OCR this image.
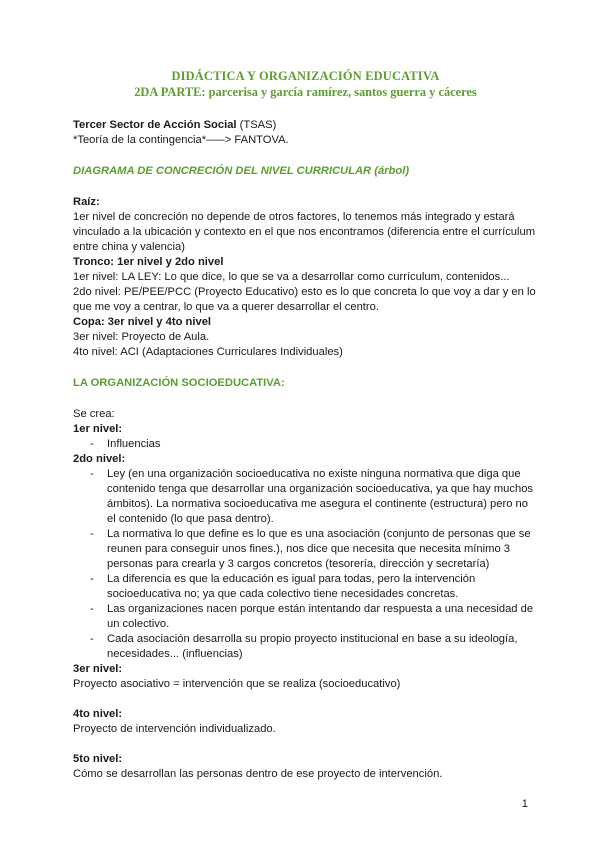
DIDÁCTICA Y ORGANIZACIÓN EDUCATIVA
2DA PARTE: parcerisa y garcía ramírez, santos guerra y cáceres

Tercer Sector de Acción Social (TSAS)

*Teoría de la contingencia*–––> FANTOVA.

DIAGRAMA DE CONCRECIÓN DEL NIVEL CURRICULAR (árbol)

Raíz:

1er nivel de concreción no depende de otros factores, lo tenemos más integrado y estará vinculado a la ubicación y contexto en el que nos encontramos (diferencia entre el currículum entre china y valencia)

Tronco: 1er nivel y 2do nivel

1er nivel: LA LEY: Lo que dice, lo que se va a desarrollar como currículum, contenidos...

2do nivel: PE/PEE/PCC (Proyecto Educativo) esto es lo que concreta lo que voy a dar y en lo que me voy a centrar, lo que va a querer desarrollar el centro.

Copa: 3er nivel y 4to nivel

3er nivel: Proyecto de Aula.

4to nivel: ACI (Adaptaciones Curriculares Individuales)

LA ORGANIZACIÓN SOCIOEDUCATIVA:

Se crea:

1er nivel:

- Influencias

2do nivel:

- Ley (en una organización socioeducativa no existe ninguna normativa que diga que contenido tenga que desarrollar una organización socioeducativa, ya que hay muchos ámbitos). La normativa socioeducativa me asegura el continente (estructura) pero no el contenido (lo que pasa dentro).
- La normativa lo que define es lo que es una asociación (conjunto de personas que se reunen para conseguir unos fines.), nos dice que necesita que necesita mínimo 3 personas para crearla y 3 cargos concretos (tesorería, dirección y secretaría)
- La diferencia es que la educación es igual para todas, pero la intervención socioeducativa no; ya que cada colectivo tiene necesidades concretas.
- Las organizaciones nacen porque están intentando dar respuesta a una necesidad de un colectivo.
- Cada asociación desarrolla su propio proyecto institucional en base a su ideología, necesidades... (influencias)

3er nivel:

Proyecto asociativo = intervención que se realiza (socioeducativo)

4to nivel:

Proyecto de intervención individualizado.

5to nivel:

Cómo se desarrollan las personas dentro de ese proyecto de intervención.

1
